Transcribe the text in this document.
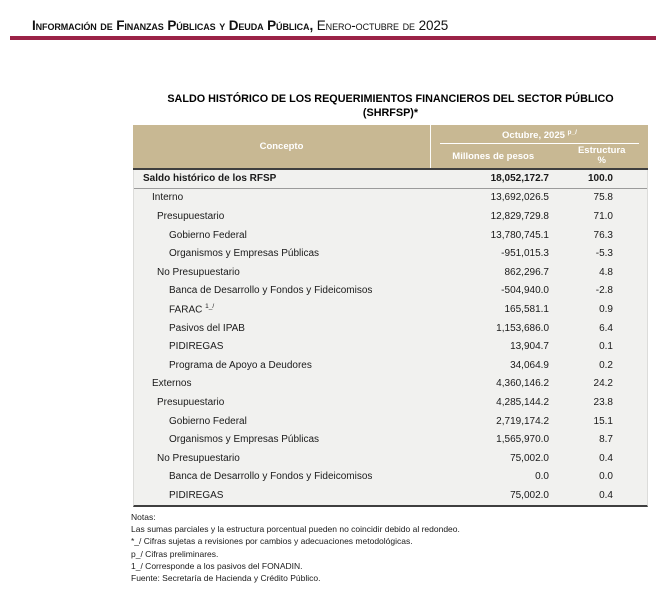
Información de Finanzas Públicas y Deuda Pública, Enero-octubre de 2025
SALDO HISTÓRICO DE LOS REQUERIMIENTOS FINANCIEROS DEL SECTOR PÚBLICO
(SHRFSP)*
Concepto
Octubre, 2025 $^{p\_/}$
Millones de pesos
Estructura
%
Saldo histórico de los RFSP	18,052,172.7	100.0
Interno	13,692,026.5	75.8
Presupuestario	12,829,729.8	71.0
Gobierno Federal	13,780,745.1	76.3
Organismos y Empresas Públicas	-951,015.3	-5.3
No Presupuestario	862,296.7	4.8
Banca de Desarrollo y Fondos y Fideicomisos	-504,940.0	-2.8
FARAC $^{1\_/}$	165,581.1	0.9
Pasivos del IPAB	1,153,686.0	6.4
PIDIREGAS	13,904.7	0.1
Programa de Apoyo a Deudores	34,064.9	0.2
Externos	4,360,146.2	24.2
Presupuestario	4,285,144.2	23.8
Gobierno Federal	2,719,174.2	15.1
Organismos y Empresas Públicas	1,565,970.0	8.7
No Presupuestario	75,002.0	0.4
Banca de Desarrollo y Fondos y Fideicomisos	0.0	0.0
PIDIREGAS	75,002.0	0.4
Notas:
Las sumas parciales y la estructura porcentual pueden no coincidir debido al redondeo.
*_/ Cifras sujetas a revisiones por cambios y adecuaciones metodológicas.
p_/ Cifras preliminares.
1_/ Corresponde a los pasivos del FONADIN.
Fuente: Secretaría de Hacienda y Crédito Público.
